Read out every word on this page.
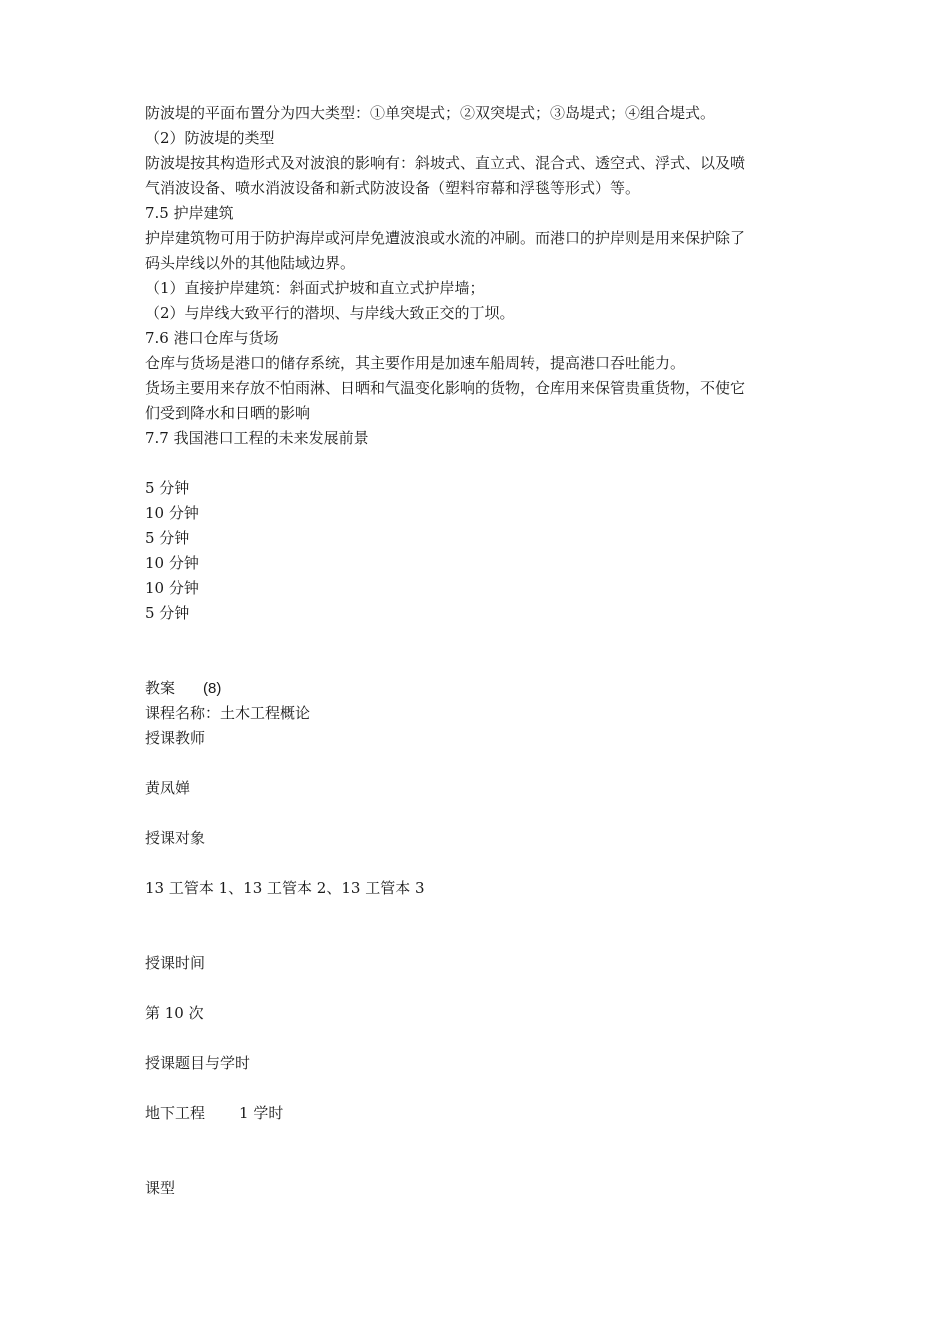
防波堤的平面布置分为四大类型：①单突堤式；②双突堤式；③岛堤式；④组合堤式。
（2）防波堤的类型
防波堤按其构造形式及对波浪的影响有：斜坡式、直立式、混合式、透空式、浮式、以及喷
气消波设备、喷水消波设备和新式防波设备（塑料帘幕和浮毯等形式）等。
7.5 护岸建筑
护岸建筑物可用于防护海岸或河岸免遭波浪或水流的冲刷。而港口的护岸则是用来保护除了
码头岸线以外的其他陆域边界。
（1）直接护岸建筑：斜面式护坡和直立式护岸墙；
（2）与岸线大致平行的潜坝、与岸线大致正交的丁坝。
7.6 港口仓库与货场
仓库与货场是港口的储存系统，其主要作用是加速车船周转，提高港口吞吐能力。
货场主要用来存放不怕雨淋、日晒和气温变化影响的货物，仓库用来保管贵重货物，不使它
们受到降水和日晒的影响
7.7 我国港口工程的未来发展前景
5 分钟
10 分钟
5 分钟
10 分钟
10 分钟
5 分钟
教案 (8)
课程名称：土木工程概论
授课教师
黄凤婵
授课对象
13 工管本 1、13 工管本 2、13 工管本 3
授课时间
第 10 次
授课题目与学时
地下工程 1 学时
课型
